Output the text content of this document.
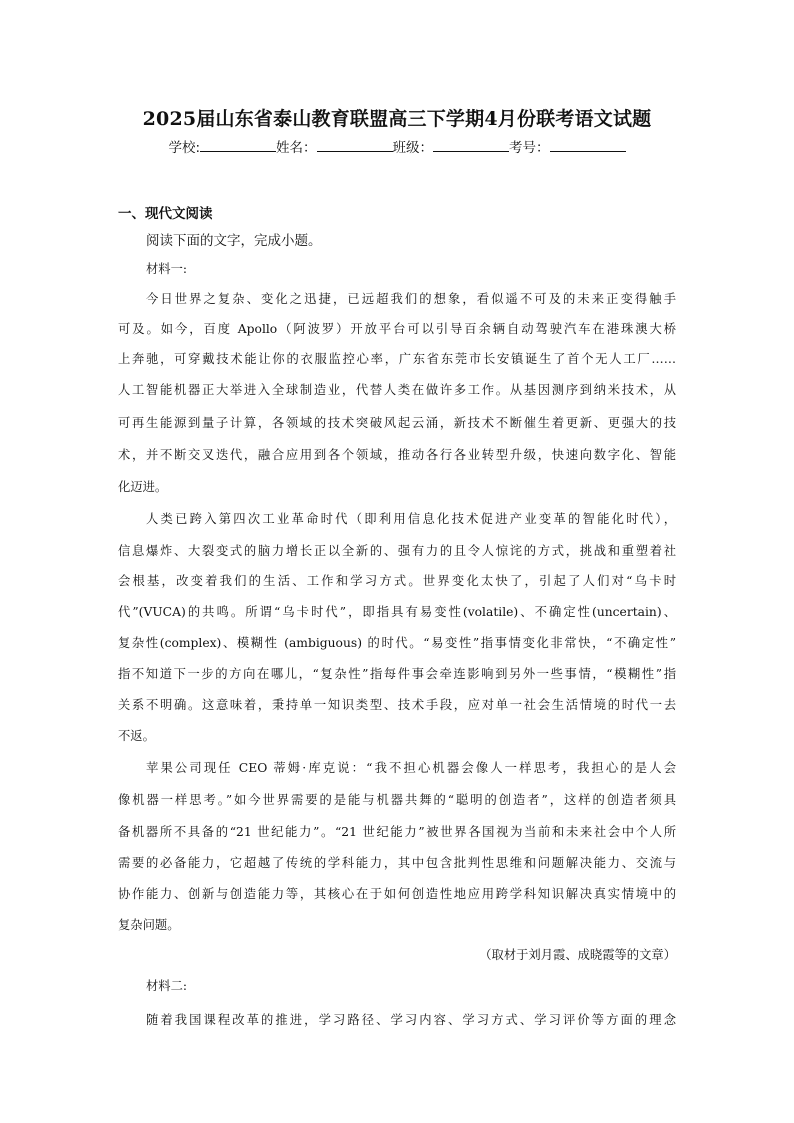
2025届山东省泰山教育联盟高三下学期4月份联考语文试题
学校:	姓名：	班级：	考号：
一、现代文阅读
阅读下面的文字，完成小题。
材料一:
今日世界之复杂、变化之迅捷，已远超我们的想象，看似遥不可及的未来正变得触手
可及。如今，百度 Apollo（阿波罗）开放平台可以引导百余辆自动驾驶汽车在港珠澳大桥
上奔驰，可穿戴技术能让你的衣服监控心率，广东省东莞市长安镇诞生了首个无人工厂……
人工智能机器正大举进入全球制造业，代替人类在做许多工作。从基因测序到纳米技术，从
可再生能源到量子计算，各领域的技术突破风起云涌，新技术不断催生着更新、更强大的技
术，并不断交叉迭代，融合应用到各个领域，推动各行各业转型升级，快速向数字化、智能
化迈进。
人类已跨入第四次工业革命时代（即利用信息化技术促进产业变革的智能化时代），
信息爆炸、大裂变式的脑力增长正以全新的、强有力的且令人惊诧的方式，挑战和重塑着社
会根基，改变着我们的生活、工作和学习方式。世界变化太快了，引起了人们对“乌卡时
代”(VUCA)的共鸣。所谓“乌卡时代”，即指具有易变性(volatile)、不确定性(uncertain)、
复杂性(complex)、模糊性 (ambiguous) 的时代。“易变性”指事情变化非常快，“不确定性”
指不知道下一步的方向在哪儿，“复杂性”指每件事会牵连影响到另外一些事情，“模糊性”指
关系不明确。这意味着，秉持单一知识类型、技术手段，应对单一社会生活情境的时代一去
不返。
苹果公司现任 CEO 蒂姆·库克说：“我不担心机器会像人一样思考，我担心的是人会
像机器一样思考。”如今世界需要的是能与机器共舞的“聪明的创造者”，这样的创造者须具
备机器所不具备的“21 世纪能力”。“21 世纪能力”被世界各国视为当前和未来社会中个人所
需要的必备能力，它超越了传统的学科能力，其中包含批判性思维和问题解决能力、交流与
协作能力、创新与创造能力等，其核心在于如何创造性地应用跨学科知识解决真实情境中的
复杂问题。
（取材于刘月霞、成晓霞等的文章）
材料二:
随着我国课程改革的推进，学习路径、学习内容、学习方式、学习评价等方面的理念
